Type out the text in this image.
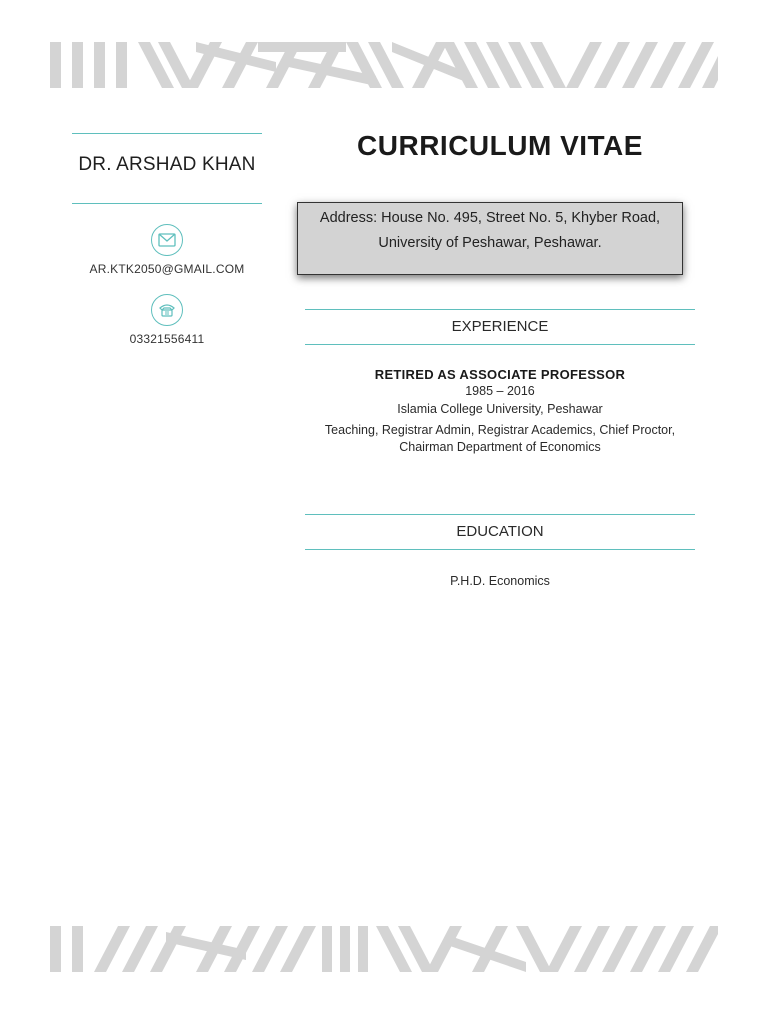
DR. ARSHAD KHAN
AR.KTK2050@GMAIL.COM
03321556411
CURRICULUM VITAE
Address: House No. 495, Street No. 5, Khyber Road,
University of Peshawar, Peshawar.
EXPERIENCE
RETIRED AS ASSOCIATE PROFESSOR
1985 – 2016
Islamia College University, Peshawar
Teaching, Registrar Admin, Registrar Academics, Chief Proctor,
Chairman Department of Economics
EDUCATION
P.H.D. Economics
